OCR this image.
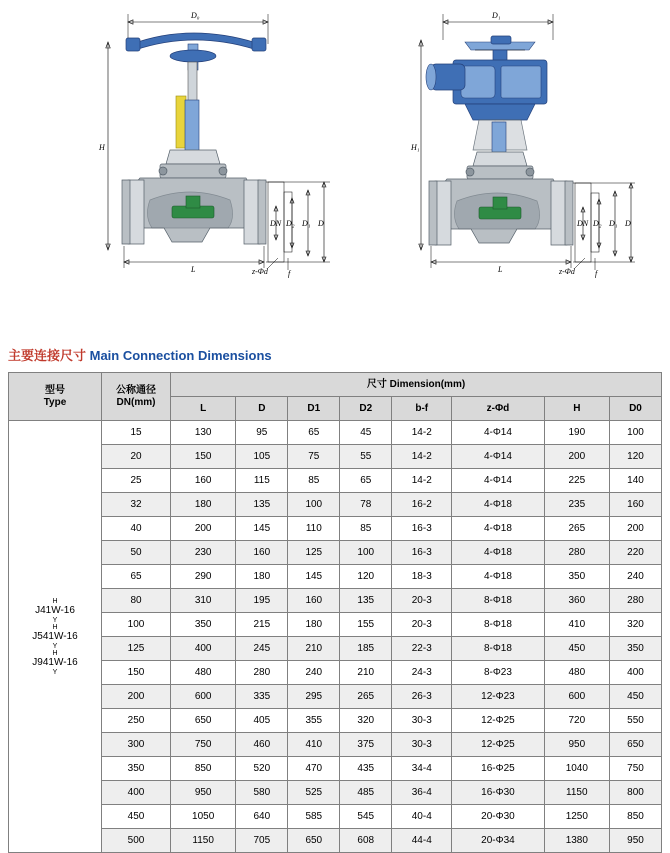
D₀
H
L
DN D₂ D₁ D
z-Φd	f
D₁
H₁
L
DN D₂ D₁ D
z-Φd	f
主要连接尺寸 Main Connection Dimensions
型号
Type

公称通径
DN(mm)
	尺寸 Dimension(mm)
		L	D	D1	D2	b-f	z-Φd	H	D0

H
J41W-16
Y
H
J541W-16
Y
H
J941W-16
Y
	15	130	95	65	45	14-2	4-Φ14	190	100
	20	150	105	75	55	14-2	4-Φ14	200	120
	25	160	115	85	65	14-2	4-Φ14	225	140
	32	180	135	100	78	16-2	4-Φ18	235	160
	40	200	145	110	85	16-3	4-Φ18	265	200
	50	230	160	125	100	16-3	4-Φ18	280	220
	65	290	180	145	120	18-3	4-Φ18	350	240
	80	310	195	160	135	20-3	8-Φ18	360	280
	100	350	215	180	155	20-3	8-Φ18	410	320
	125	400	245	210	185	22-3	8-Φ18	450	350
	150	480	280	240	210	24-3	8-Φ23	480	400
	200	600	335	295	265	26-3	12-Φ23	600	450
	250	650	405	355	320	30-3	12-Φ25	720	550
	300	750	460	410	375	30-3	12-Φ25	950	650
	350	850	520	470	435	34-4	16-Φ25	1040	750
	400	950	580	525	485	36-4	16-Φ30	1150	800
	450	1050	640	585	545	40-4	20-Φ30	1250	850
	500	1150	705	650	608	44-4	20-Φ34	1380	950
